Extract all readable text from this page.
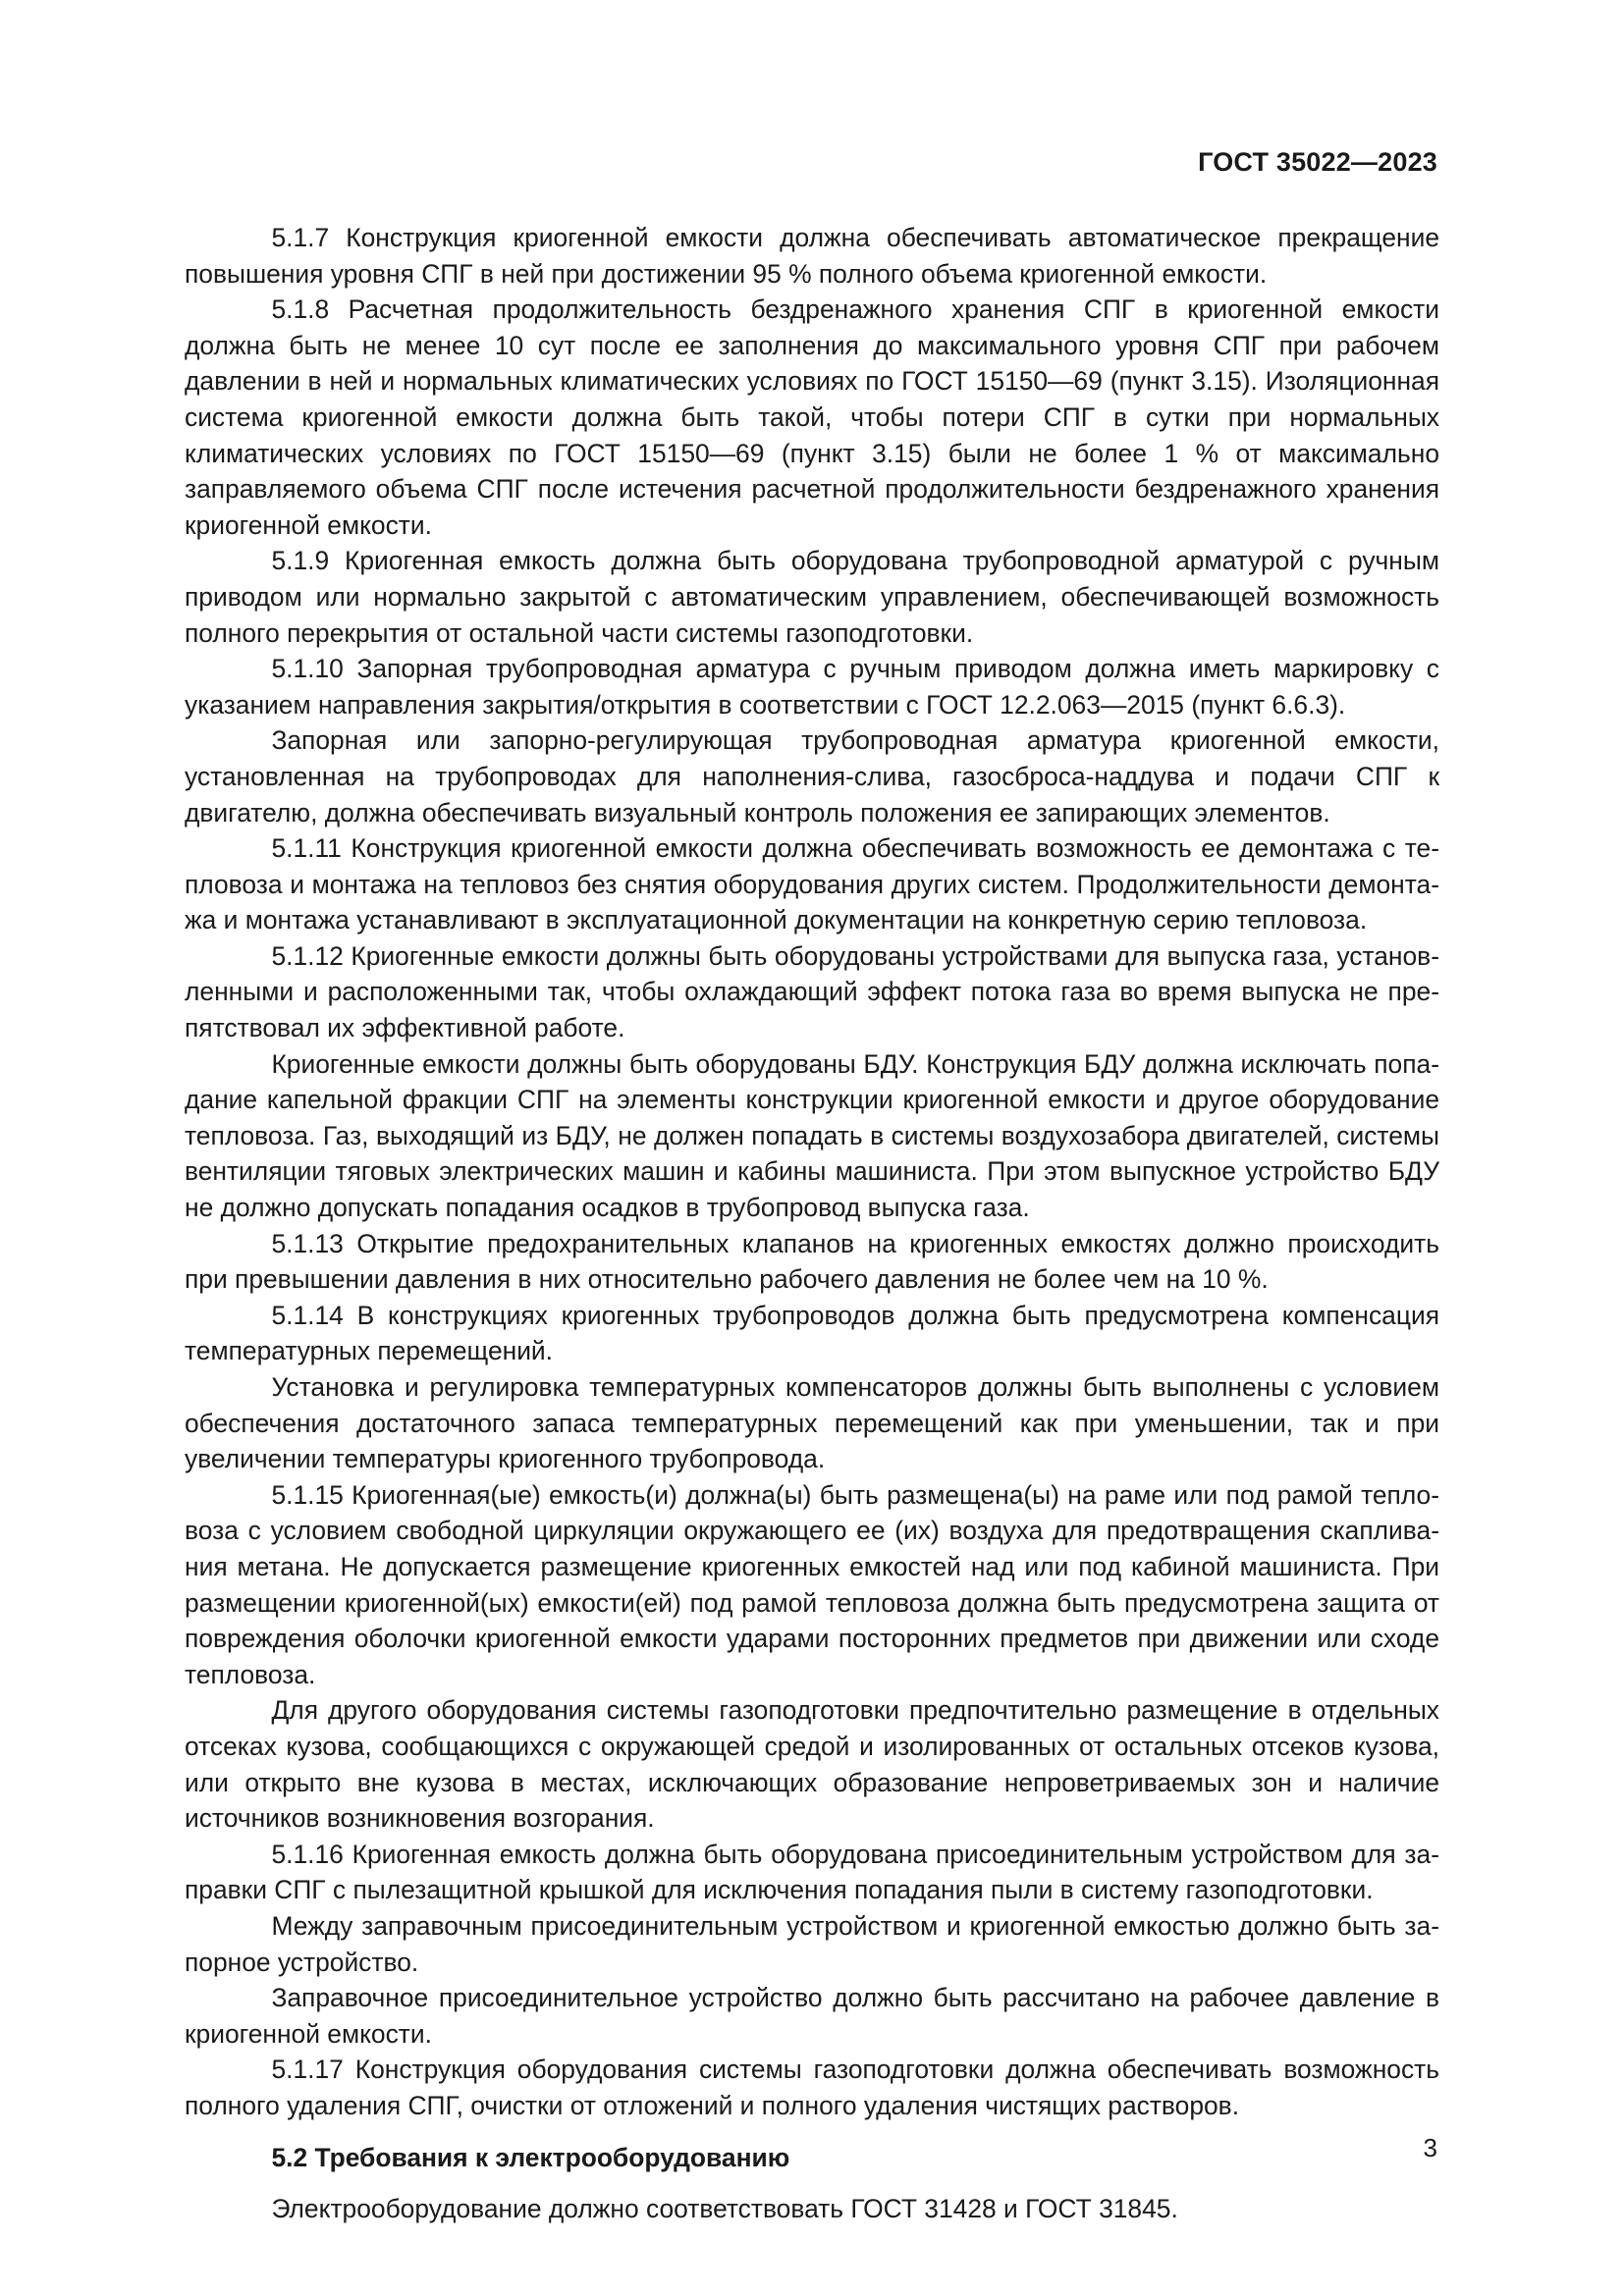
ГОСТ 35022—2023

5.1.7 Конструкция криогенной емкости должна обеспечивать автоматическое прекращение повышения уровня СПГ в ней при достижении 95 % полного объема криогенной емкости.

5.1.8 Расчетная продолжительность бездренажного хранения СПГ в криогенной емкости должна быть не менее 10 сут после ее заполнения до максимального уровня СПГ при рабочем давлении в ней и нормальных климатических условиях по ГОСТ 15150—69 (пункт 3.15). Изоляционная система криогенной емкости должна быть такой, чтобы потери СПГ в сутки при нормальных климатических условиях по ГОСТ 15150—69 (пункт 3.15) были не более 1 % от максимально заправляемого объема СПГ после истечения расчетной продолжительности бездренажного хранения криогенной емкости.

5.1.9 Криогенная емкость должна быть оборудована трубопроводной арматурой с ручным приводом или нормально закрытой с автоматическим управлением, обеспечивающей возможность полного перекрытия от остальной части системы газоподготовки.

5.1.10 Запорная трубопроводная арматура с ручным приводом должна иметь маркировку с указанием направления закрытия/открытия в соответствии с ГОСТ 12.2.063—2015 (пункт 6.6.3).

Запорная или запорно-регулирующая трубопроводная арматура криогенной емкости, установленная на трубопроводах для наполнения-слива, газосброса-наддува и подачи СПГ к двигателю, должна обеспечивать визуальный контроль положения ее запирающих элементов.

5.1.11 Конструкция криогенной емкости должна обеспечивать возможность ее демонтажа с тепловоза и монтажа на тепловоз без снятия оборудования других систем. Продолжительности демонтажа и монтажа устанавливают в эксплуатационной документации на конкретную серию тепловоза.

5.1.12 Криогенные емкости должны быть оборудованы устройствами для выпуска газа, установленными и расположенными так, чтобы охлаждающий эффект потока газа во время выпуска не препятствовал их эффективной работе.

Криогенные емкости должны быть оборудованы БДУ. Конструкция БДУ должна исключать попадание капельной фракции СПГ на элементы конструкции криогенной емкости и другое оборудование тепловоза. Газ, выходящий из БДУ, не должен попадать в системы воздухозабора двигателей, системы вентиляции тяговых электрических машин и кабины машиниста. При этом выпускное устройство БДУ не должно допускать попадания осадков в трубопровод выпуска газа.

5.1.13 Открытие предохранительных клапанов на криогенных емкостях должно происходить при превышении давления в них относительно рабочего давления не более чем на 10 %.

5.1.14 В конструкциях криогенных трубопроводов должна быть предусмотрена компенсация температурных перемещений.

Установка и регулировка температурных компенсаторов должны быть выполнены с условием обеспечения достаточного запаса температурных перемещений как при уменьшении, так и при увеличении температуры криогенного трубопровода.

5.1.15 Криогенная(ые) емкость(и) должна(ы) быть размещена(ы) на раме или под рамой тепловоза с условием свободной циркуляции окружающего ее (их) воздуха для предотвращения скапливания метана. Не допускается размещение криогенных емкостей над или под кабиной машиниста. При размещении криогенной(ых) емкости(ей) под рамой тепловоза должна быть предусмотрена защита от повреждения оболочки криогенной емкости ударами посторонних предметов при движении или сходе тепловоза.

Для другого оборудования системы газоподготовки предпочтительно размещение в отдельных отсеках кузова, сообщающихся с окружающей средой и изолированных от остальных отсеков кузова, или открыто вне кузова в местах, исключающих образование непроветриваемых зон и наличие источников возникновения возгорания.

5.1.16 Криогенная емкость должна быть оборудована присоединительным устройством для заправки СПГ с пылезащитной крышкой для исключения попадания пыли в систему газоподготовки.

Между заправочным присоединительным устройством и криогенной емкостью должно быть запорное устройство.

Заправочное присоединительное устройство должно быть рассчитано на рабочее давление в криогенной емкости.

5.1.17 Конструкция оборудования системы газоподготовки должна обеспечивать возможность полного удаления СПГ, очистки от отложений и полного удаления чистящих растворов.

5.2 Требования к электрооборудованию

Электрооборудование должно соответствовать ГОСТ 31428 и ГОСТ 31845.

3
